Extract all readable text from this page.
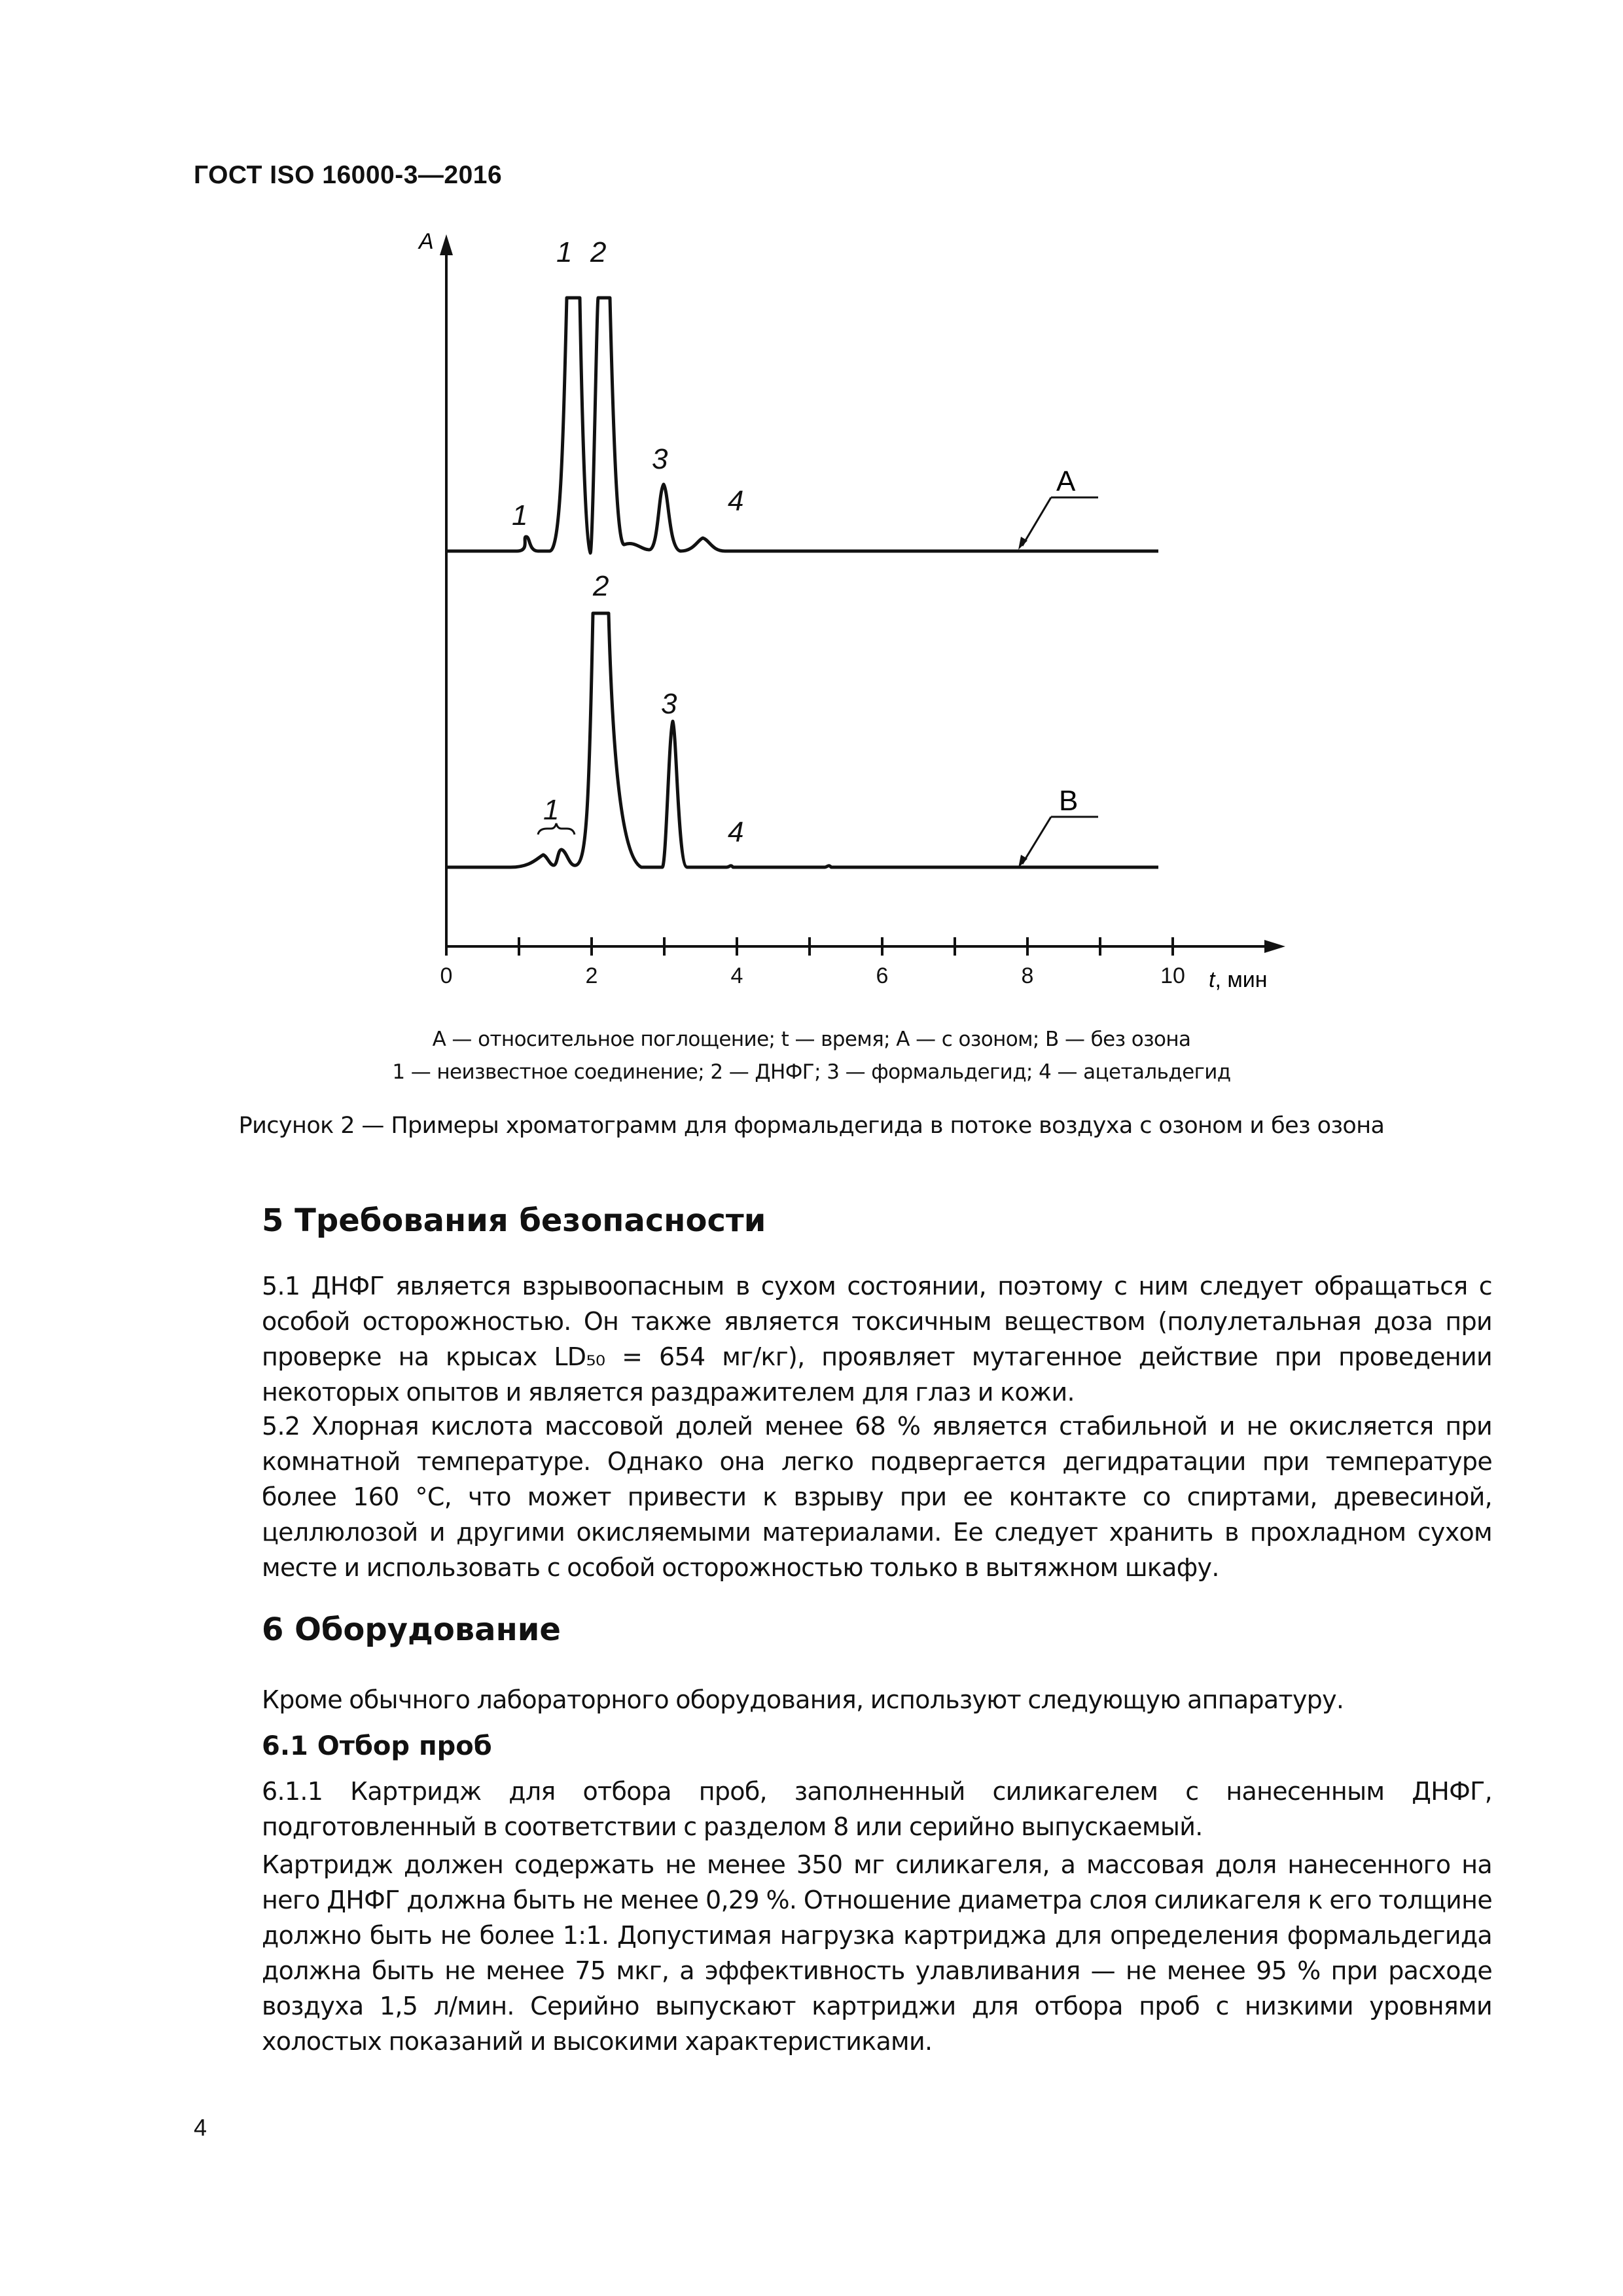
ГОСТ ISO 16000-3—2016
A
0	2	4	6	8	10 t, мин
1 2
1
3
4
2
3
1
4
A
B
А — относительное поглощение; t — время; А — с озоном; В — без озона
1 — неизвестное соединение; 2 — ДНФГ; 3 — формальдегид; 4 — ацетальдегид
Рисунок 2 — Примеры хроматограмм для формальдегида в потоке воздуха с озоном и без озона
5 Требования безопасности

5.1 ДНФГ является взрывоопасным в сухом состоянии, поэтому с ним следует обращаться с особой осторожностью. Он также является токсичным веществом (полулетальная доза при проверке на крысах LD₅₀ = 654 мг/кг), проявляет мутагенное действие при проведении некоторых опытов и является раздражителем для глаз и кожи.

5.2 Хлорная кислота массовой долей менее 68 % является стабильной и не окисляется при комнатной температуре. Однако она легко подвергается дегидратации при температуре более 160 °С, что может привести к взрыву при ее контакте со спиртами, древесиной, целлюлозой и другими окисляемыми материалами. Ее следует хранить в прохладном сухом месте и использовать с особой осторожностью только в вытяжном шкафу.

6 Оборудование

Кроме обычного лабораторного оборудования, используют следующую аппаратуру.

6.1 Отбор проб

6.1.1 Картридж для отбора проб, заполненный силикагелем с нанесенным ДНФГ, подготовленный в соответствии с разделом 8 или серийно выпускаемый.

Картридж должен содержать не менее 350 мг силикагеля, а массовая доля нанесенного на него ДНФГ должна быть не менее 0,29 %. Отношение диаметра слоя силикагеля к его толщине должно быть не более 1:1. Допустимая нагрузка картриджа для определения формальдегида должна быть не менее 75 мкг, а эффективность улавливания — не менее 95 % при расходе воздуха 1,5 л/мин. Серийно выпускают картриджи для отбора проб с низкими уровнями холостых показаний и высокими характеристиками.

4
